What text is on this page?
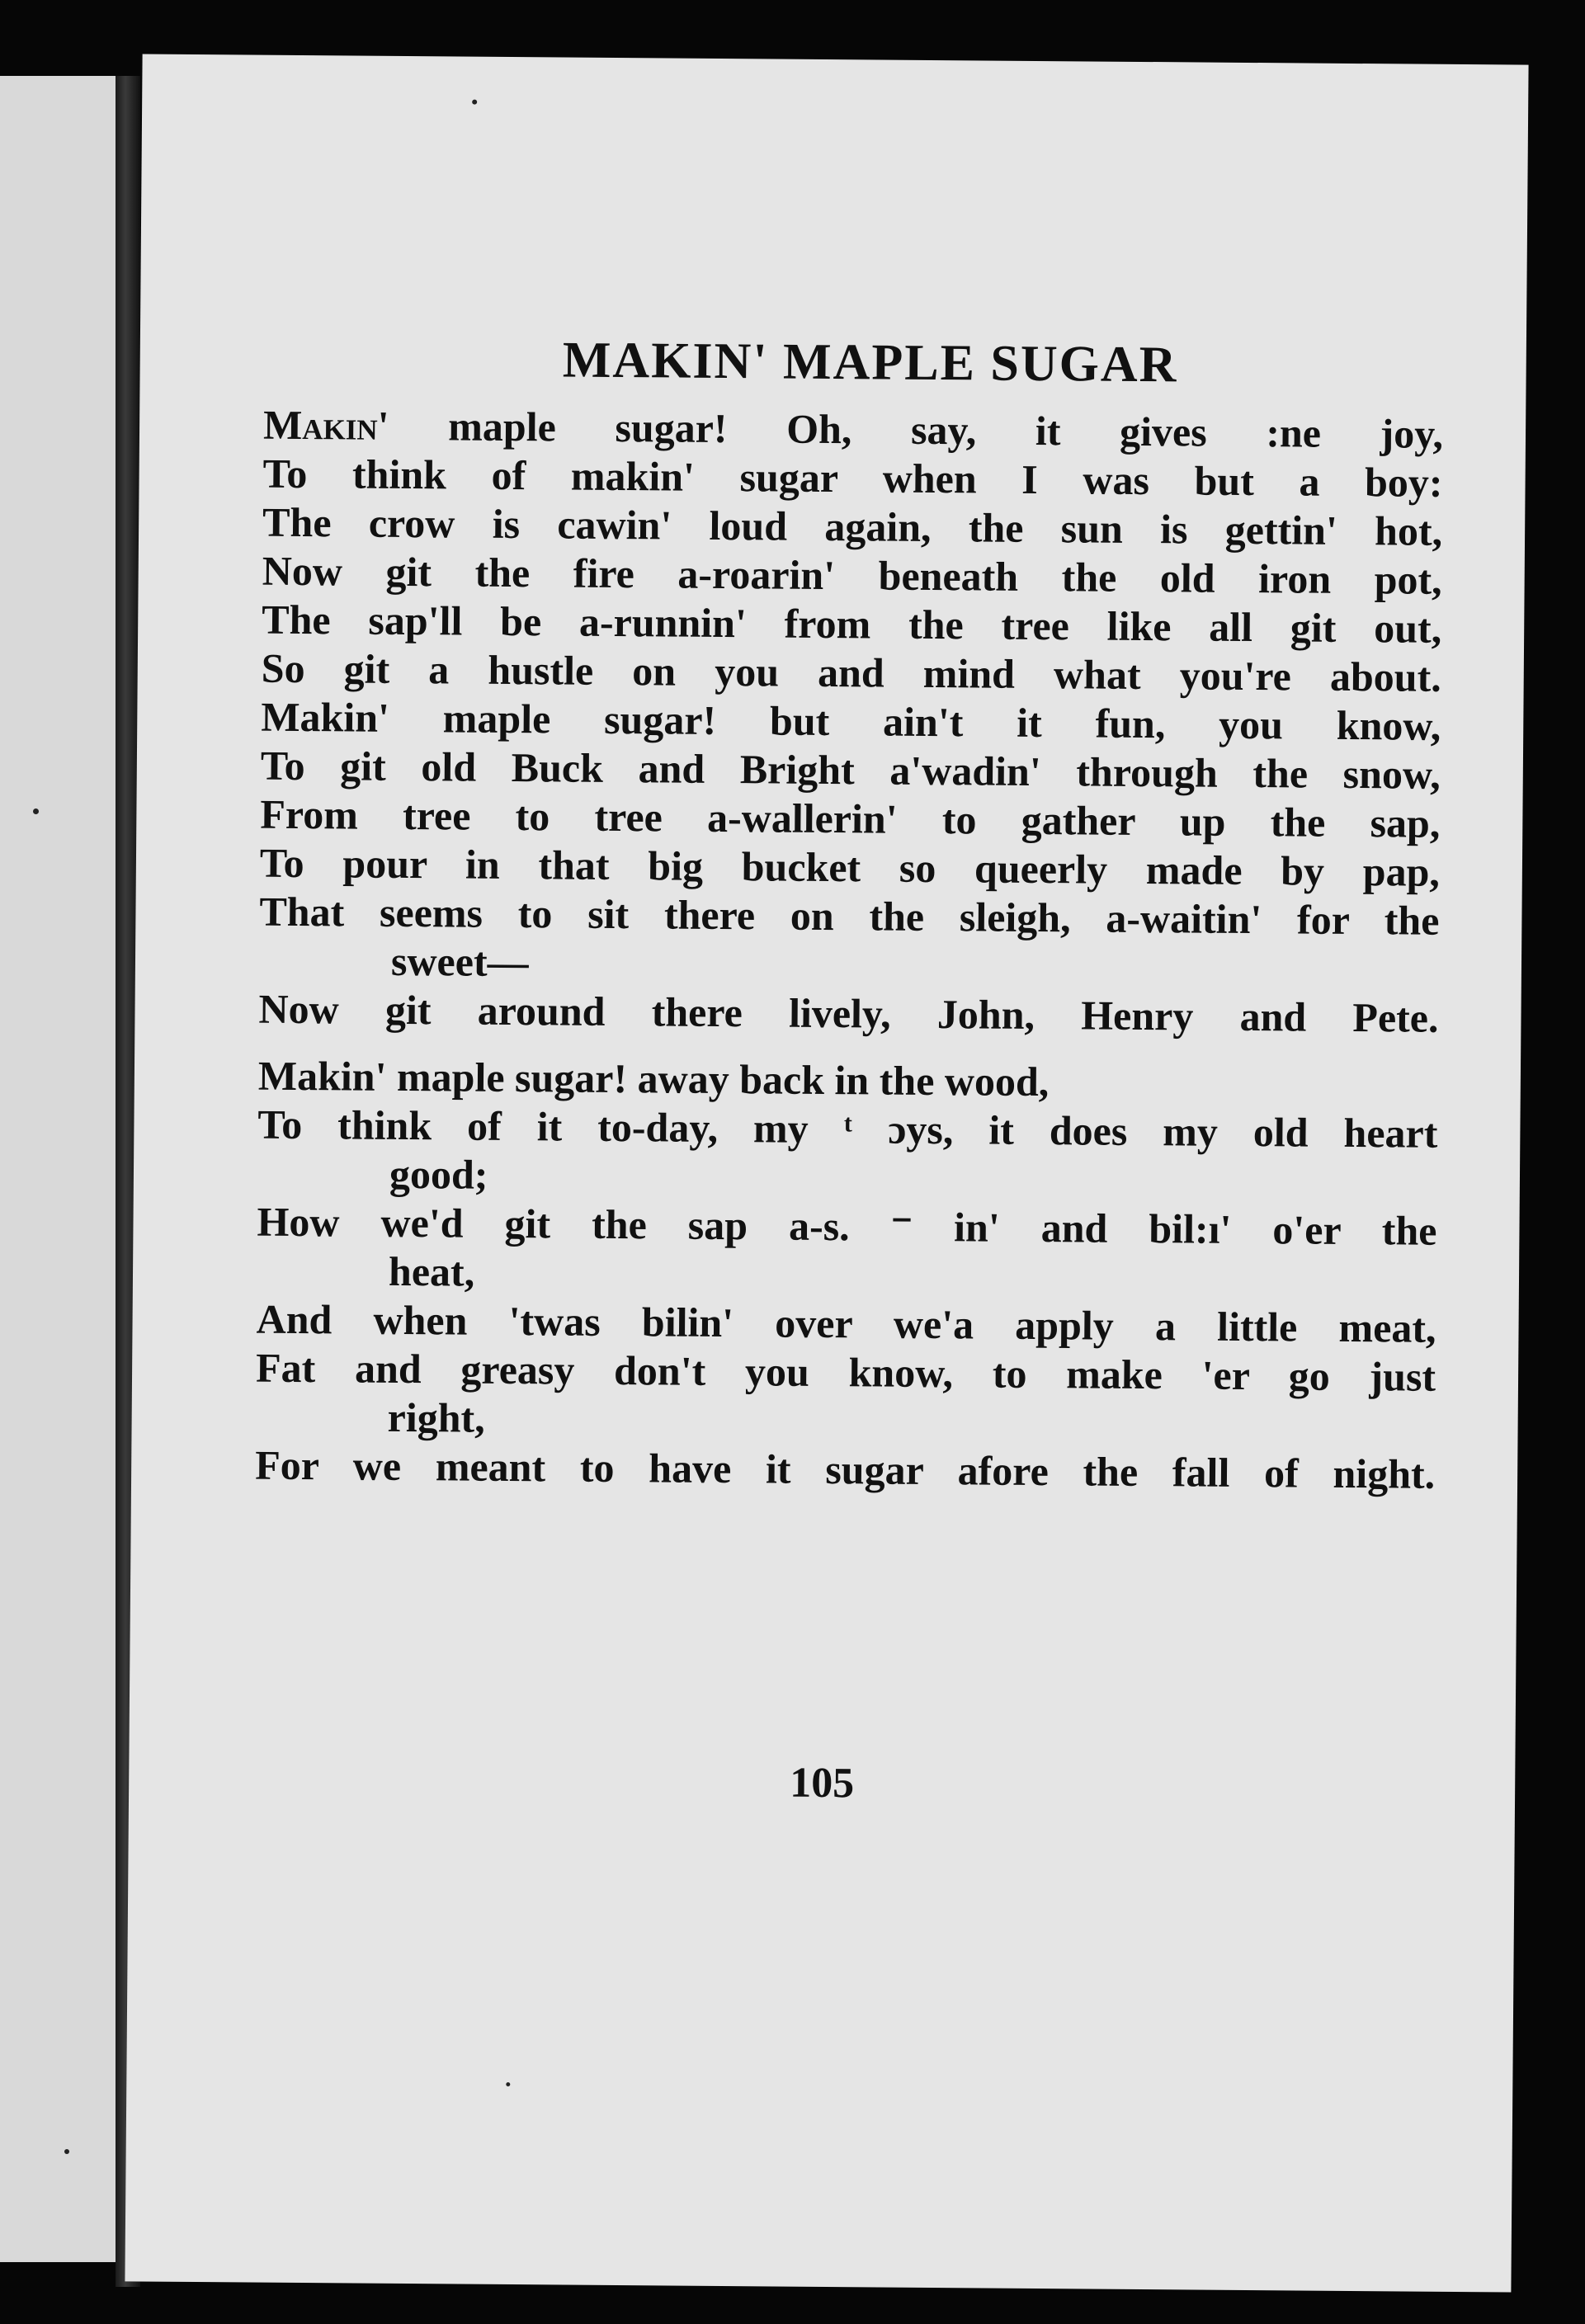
MAKIN' MAPLE SUGAR
Makin' maple sugar! Oh, say, it gives :ne joy,
To think of makin' sugar when I was but a boy:
The crow is cawin' loud again, the sun is gettin' hot,
Now git the fire a-roarin' beneath the old iron pot,
The sap'll be a-runnin' from the tree like all git out,
So git a hustle on you and mind what you're about.
Makin' maple sugar! but ain't it fun, you know,
To git old Buck and Bright a'wadin' through the snow,
From tree to tree a-wallerin' to gather up the sap,
To pour in that big bucket so queerly made by pap,
That seems to sit there on the sleigh, a-waitin' for the
sweet—
Now git around there lively, John, Henry and Pete.
Makin' maple sugar! away back in the wood,
To think of it to-day, my ᵗ ɔys, it does my old heart
good;
How we'd git the sap a-s. ⁻ in' and bil:ı' o'er the
heat,
And when 'twas bilin' over we'a apply a little meat,
Fat and greasy don't you know, to make 'er go just
right,
For we meant to have it sugar afore the fall of night.
105
